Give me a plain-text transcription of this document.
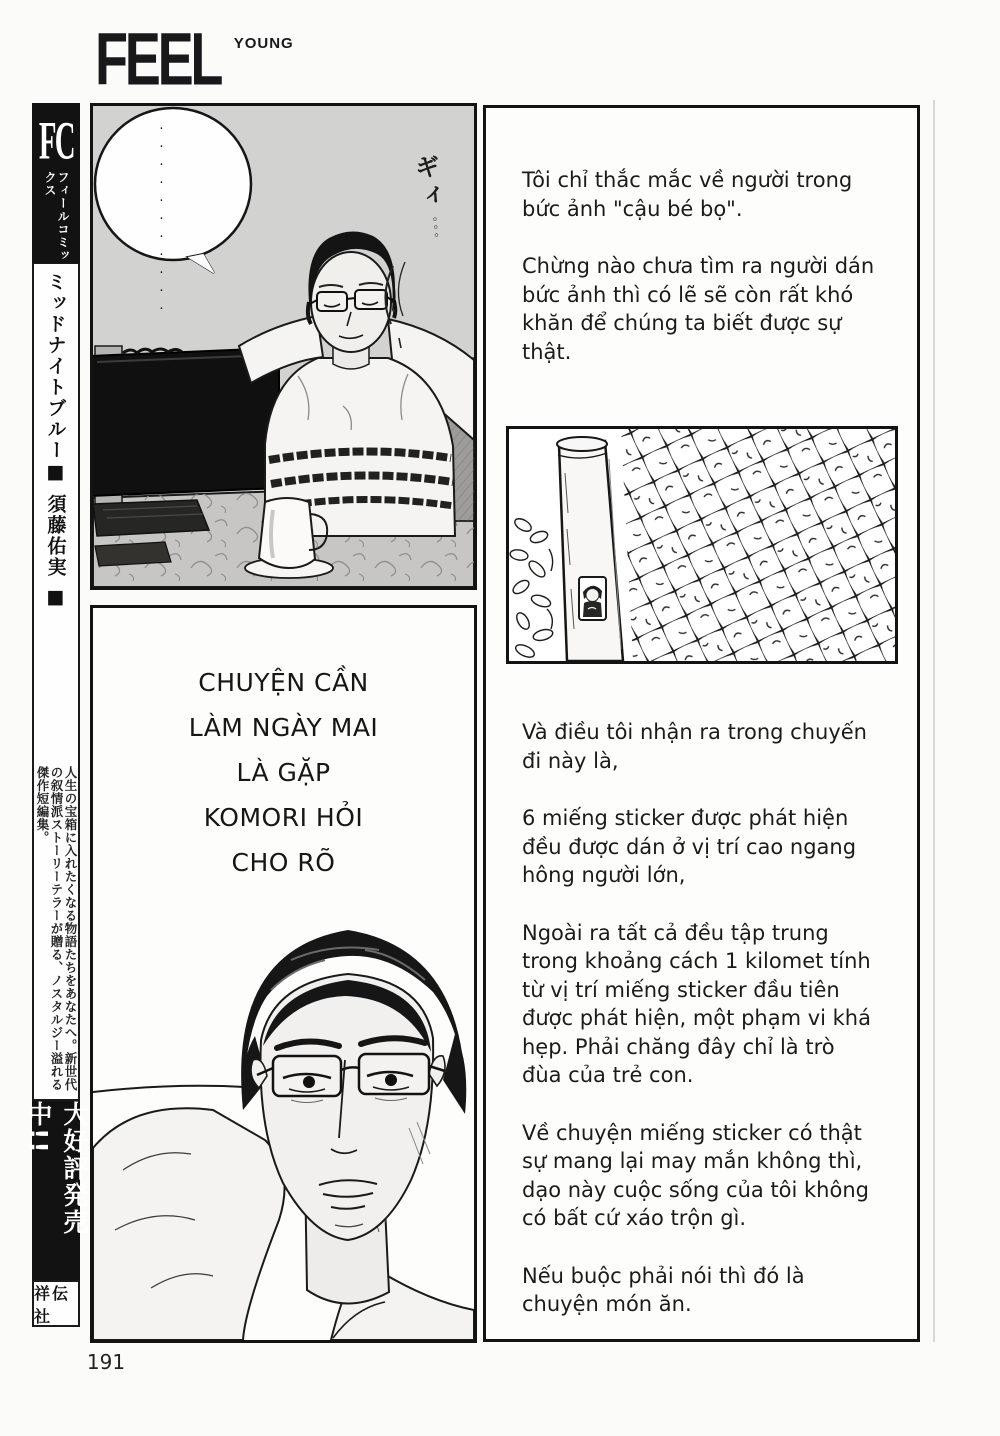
FEEL YOUNG
FC
フィールコミックス
ミッドナイトブルー■ 須藤佑実 ■
人生の宝箱に入れたくなる物語たちをあなたへ。新世代の叙情派ストーリーテラーが贈る、ノスタルジー溢れる傑作短編集。
大好評発売中!!
祥伝社
191
···········	ギィ 。。。
CHUYỆN CẦN
LÀM NGÀY MAI
LÀ GẶP
KOMORI HỎI
CHO RÕ

Tôi chỉ thắc mắc về người trong bức ảnh "cậu bé bọ".

Chừng nào chưa tìm ra người dán bức ảnh thì có lẽ sẽ còn rất khó khăn để chúng ta biết được sự thật.

Và điều tôi nhận ra trong chuyến đi này là,

6 miếng sticker được phát hiện đều được dán ở vị trí cao ngang hông người lớn,

Ngoài ra tất cả đều tập trung trong khoảng cách 1 kilomet tính từ vị trí miếng sticker đầu tiên được phát hiện, một phạm vi khá hẹp. Phải chăng đây chỉ là trò đùa của trẻ con.

Về chuyện miếng sticker có thật sự mang lại may mắn không thì, dạo này cuộc sống của tôi không có bất cứ xáo trộn gì.

Nếu buộc phải nói thì đó là chuyện món ăn.
